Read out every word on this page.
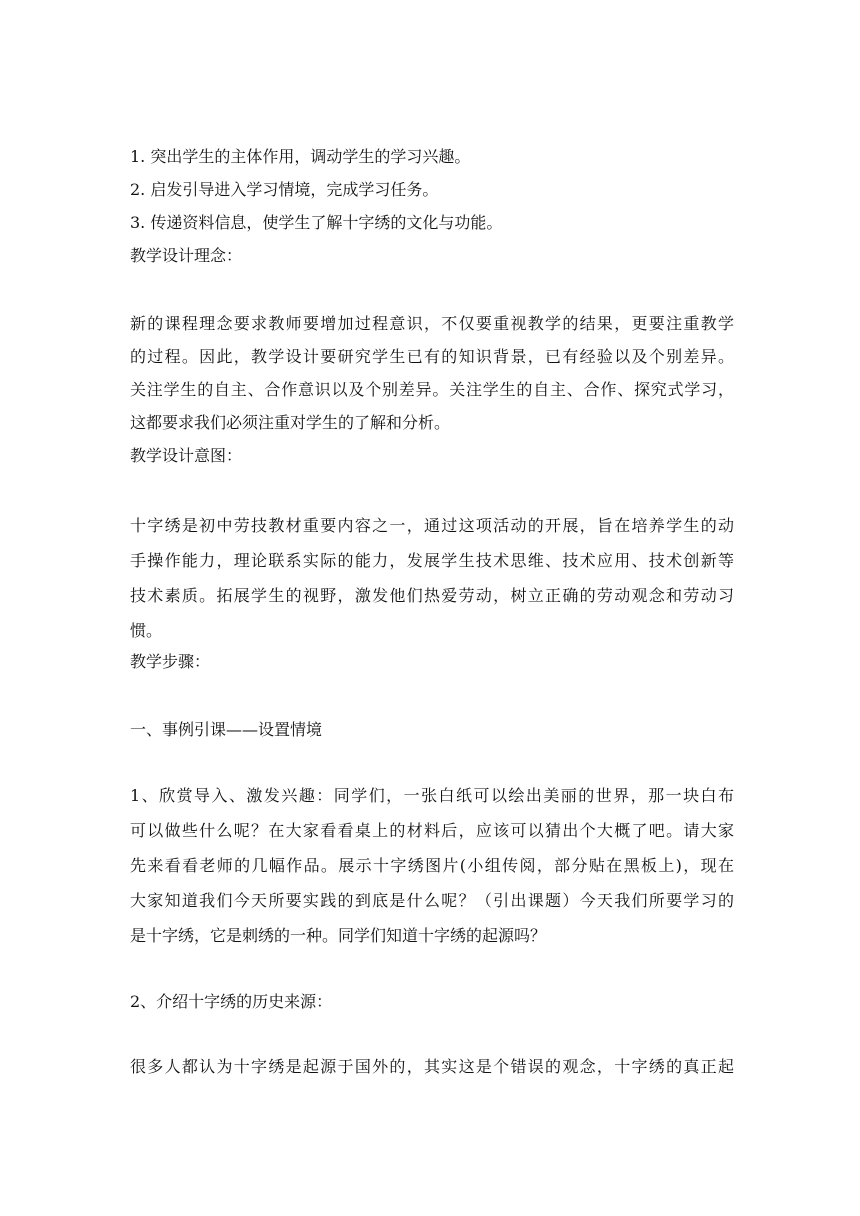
1. 突出学生的主体作用，调动学生的学习兴趣。
2. 启发引导进入学习情境，完成学习任务。
3. 传递资料信息，使学生了解十字绣的文化与功能。
教学设计理念：
新的课程理念要求教师要增加过程意识，不仅要重视教学的结果，更要注重教学
的过程。因此，教学设计要研究学生已有的知识背景，已有经验以及个别差异。
关注学生的自主、合作意识以及个别差异。关注学生的自主、合作、探究式学习，
这都要求我们必须注重对学生的了解和分析。
教学设计意图：
十字绣是初中劳技教材重要内容之一，通过这项活动的开展，旨在培养学生的动
手操作能力，理论联系实际的能力，发展学生技术思维、技术应用、技术创新等
技术素质。拓展学生的视野，激发他们热爱劳动，树立正确的劳动观念和劳动习
惯。
教学步骤：
一、事例引课——设置情境
1、欣赏导入、激发兴趣：同学们，一张白纸可以绘出美丽的世界，那一块白布
可以做些什么呢？在大家看看桌上的材料后，应该可以猜出个大概了吧。请大家
先来看看老师的几幅作品。展示十字绣图片(小组传阅，部分贴在黑板上)，现在
大家知道我们今天所要实践的到底是什么呢？（引出课题）今天我们所要学习的
是十字绣，它是刺绣的一种。同学们知道十字绣的起源吗？
2、介绍十字绣的历史来源：
很多人都认为十字绣是起源于国外的，其实这是个错误的观念，十字绣的真正起
